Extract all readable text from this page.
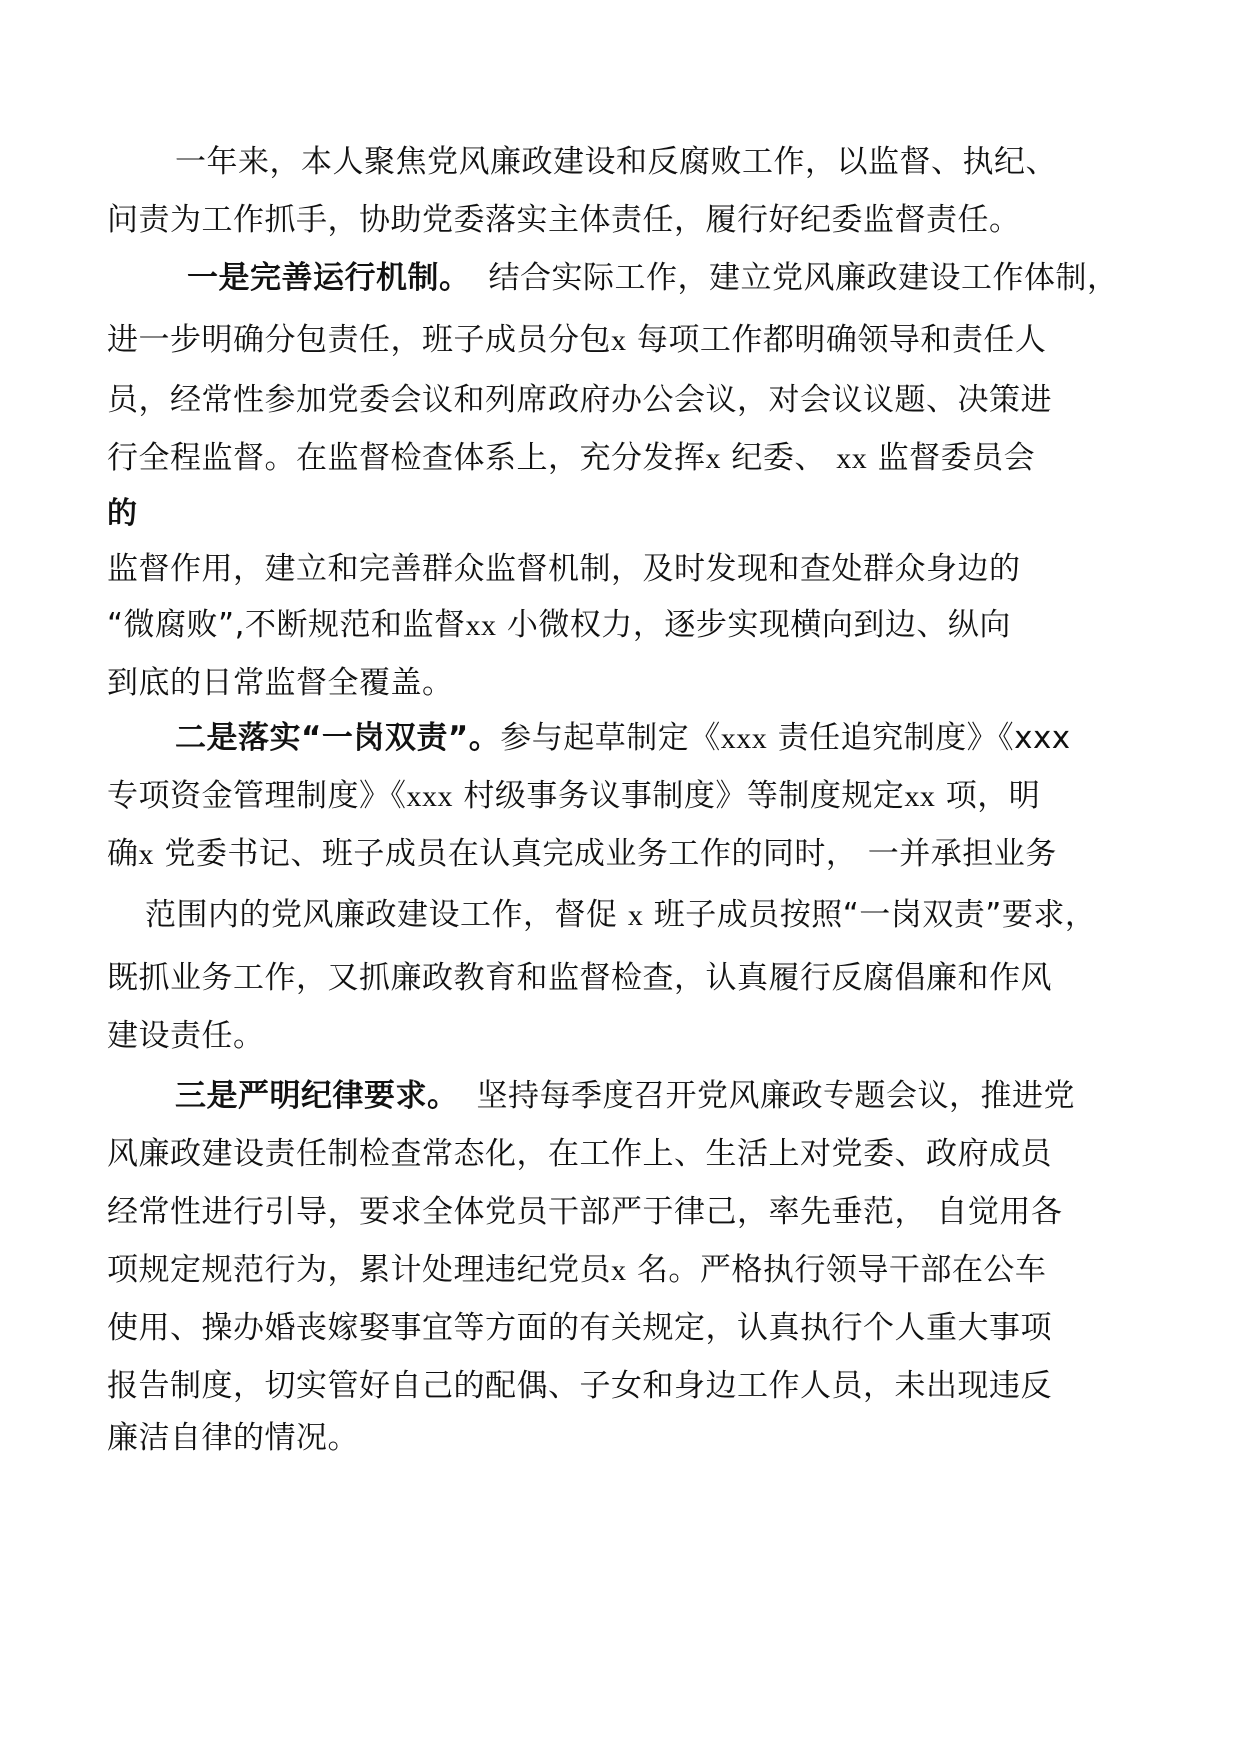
一年来，本人聚焦党风廉政建设和反腐败工作，以监督、执纪、
问责为工作抓手，协助党委落实主体责任，履行好纪委监督责任。
一是完善运行机制。 结合实际工作，建立党风廉政建设工作体制，
进一步明确分包责任，班子成员分包x 每项工作都明确领导和责任人
员，经常性参加党委会议和列席政府办公会议，对会议议题、决策进
行全程监督。在监督检查体系上，充分发挥x 纪委、 xx 监督委员会
的
监督作用，建立和完善群众监督机制，及时发现和查处群众身边的
“微腐败”,不断规范和监督xx 小微权力，逐步实现横向到边、纵向
到底的日常监督全覆盖。
二是落实“一岗双责”。参与起草制定《xxx 责任追究制度》《xxx
专项资金管理制度》《xxx 村级事务议事制度》等制度规定xx 项，明
确x 党委书记、班子成员在认真完成业务工作的同时， 一并承担业务
范围内的党风廉政建设工作，督促 x 班子成员按照“一岗双责”要求，
既抓业务工作，又抓廉政教育和监督检查，认真履行反腐倡廉和作风
建设责任。
三是严明纪律要求。 坚持每季度召开党风廉政专题会议，推进党
风廉政建设责任制检查常态化，在工作上、生活上对党委、政府成员
经常性进行引导，要求全体党员干部严于律己，率先垂范， 自觉用各
项规定规范行为，累计处理违纪党员x 名。严格执行领导干部在公车
使用、操办婚丧嫁娶事宜等方面的有关规定，认真执行个人重大事项
报告制度，切实管好自己的配偶、子女和身边工作人员，未出现违反
廉洁自律的情况。
